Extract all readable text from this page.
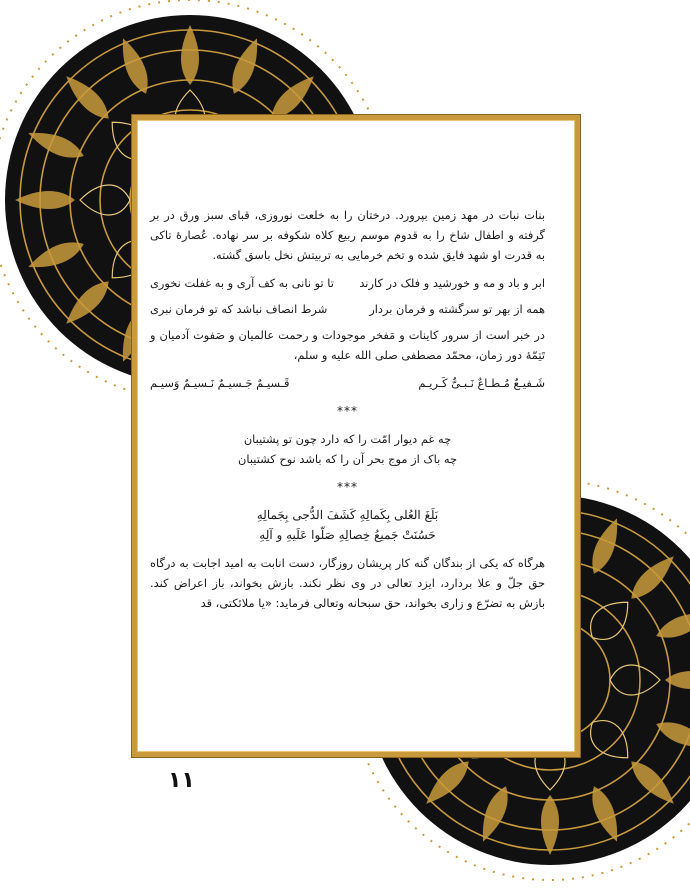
بنات نبات در مهد زمین بپرورد. درختان را به خلعت نوروزی، قبای سبز ورق در بر گرفته و اطفال شاخ را به قدوم موسم ربیع کلاه شکوفه بر سر نهاده. عُصارهٔ تاکی به قدرت او شهد فایق شده و تخم خرمایی به تربیتش نخل باسق گشته.

ابر و باد و مه و خورشید و فلک در کارند
تا تو نانی به کف آری و به غفلت نخوری
همه از بهر تو سرگشته و فرمان بردار
شرط انصاف نباشد که تو فرمان نبری

در خبر است از سرور کاینات و مَفخر موجودات و رحمت عالمیان و صَفوت آدمیان و تَتِمّهٔ دور زمان، محمّد مصطفی صلی الله علیه و سلم،

شَـفیـعٌ مُـطـاعٌ نَـبـیٌّ کَـریـم
قَـسیـمٌ جَـسیـمٌ نَـسیـمٌ وَسیـم
***

چه غم دیوار امّت را که دارد چون تو پشتیبان

چه باک از موج بحر آن را که باشد نوح کشتیبان

***

بَلَغَ العُلی بِکَمالِهِ کَشَفَ الدُّجی بِجَمالِهِ

حَسُنَتْ جَمیعُ خِصالِهِ صَلّوا عَلَیهِ و آلِهِ

هرگاه که یکی از بندگان گنه کار پریشان روزگار، دست انابت به امید اجابت به درگاه حق جلّ و علا بردارد، ایزد تعالی در وی نظر نکند. بازش بخواند، باز اعراض کند. بازش به تضرّع و زاری بخواند، حق سبحانه وتعالی فرماید: «یا ملائکتی، قد

۱۱
